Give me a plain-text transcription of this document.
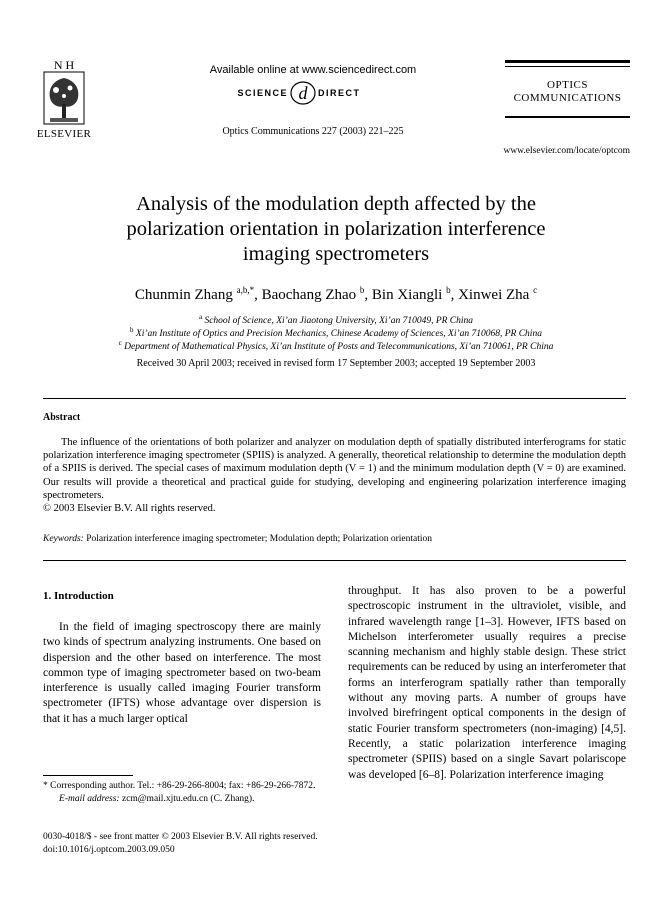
N H
ELSEVIER
Available online at www.sciencedirect.com
SCIENCE d DIRECT
Optics Communications 227 (2003) 221–225
OPTICS
COMMUNICATIONS
www.elsevier.com/locate/optcom
Analysis of the modulation depth affected by the
polarization orientation in polarization interference
imaging spectrometers
Chunmin Zhang $^{a,b,*}$, Baochang Zhao $^b$, Bin Xiangli $^b$, Xinwei Zha $^c$
$^a$ School of Science, Xi’an Jiaotong University, Xi’an 710049, PR China
$^b$ Xi’an Institute of Optics and Precision Mechanics, Chinese Academy of Sciences, Xi’an 710068, PR China
$^c$ Department of Mathematical Physics, Xi’an Institute of Posts and Telecommunications, Xi’an 710061, PR China
Received 30 April 2003; received in revised form 17 September 2003; accepted 19 September 2003
Abstract

The influence of the orientations of both polarizer and analyzer on modulation depth of spatially distributed interferograms for static polarization interference imaging spectrometer (SPIIS) is analyzed. A generally, theoretical relationship to determine the modulation depth of a SPIIS is derived. The special cases of maximum modulation depth (V = 1) and the minimum modulation depth (V = 0) are examined. Our results will provide a theoretical and practical guide for studying, developing and engineering polarization interference imaging spectrometers.

© 2003 Elsevier B.V. All rights reserved.

Keywords: Polarization interference imaging spectrometer; Modulation depth; Polarization orientation
1. Introduction
In the field of imaging spectroscopy there are mainly two kinds of spectrum analyzing instruments. One based on dispersion and the other based on interference. The most common type of imaging spectrometer based on two-beam interference is usually called imaging Fourier transform spectrometer (IFTS) whose advantage over dispersion is that it has a much larger optical
throughput. It has also proven to be a powerful spectroscopic instrument in the ultraviolet, visible, and infrared wavelength range [1–3]. However, IFTS based on Michelson interferometer usually requires a precise scanning mechanism and highly stable design. These strict requirements can be reduced by using an interferometer that forms an interferogram spatially rather than temporally without any moving parts. A number of groups have involved birefringent optical components in the design of static Fourier transform spectrometers (non-imaging) [4,5]. Recently, a static polarization interference imaging spectrometer (SPIIS) based on a single Savart polariscope was developed [6–8]. Polarization interference imaging
* Corresponding author. Tel.: +86-29-266-8004; fax: +86-29-266-7872.
E-mail address: zcm@mail.xjtu.edu.cn (C. Zhang).
0030-4018/$ - see front matter © 2003 Elsevier B.V. All rights reserved.
doi:10.1016/j.optcom.2003.09.050
